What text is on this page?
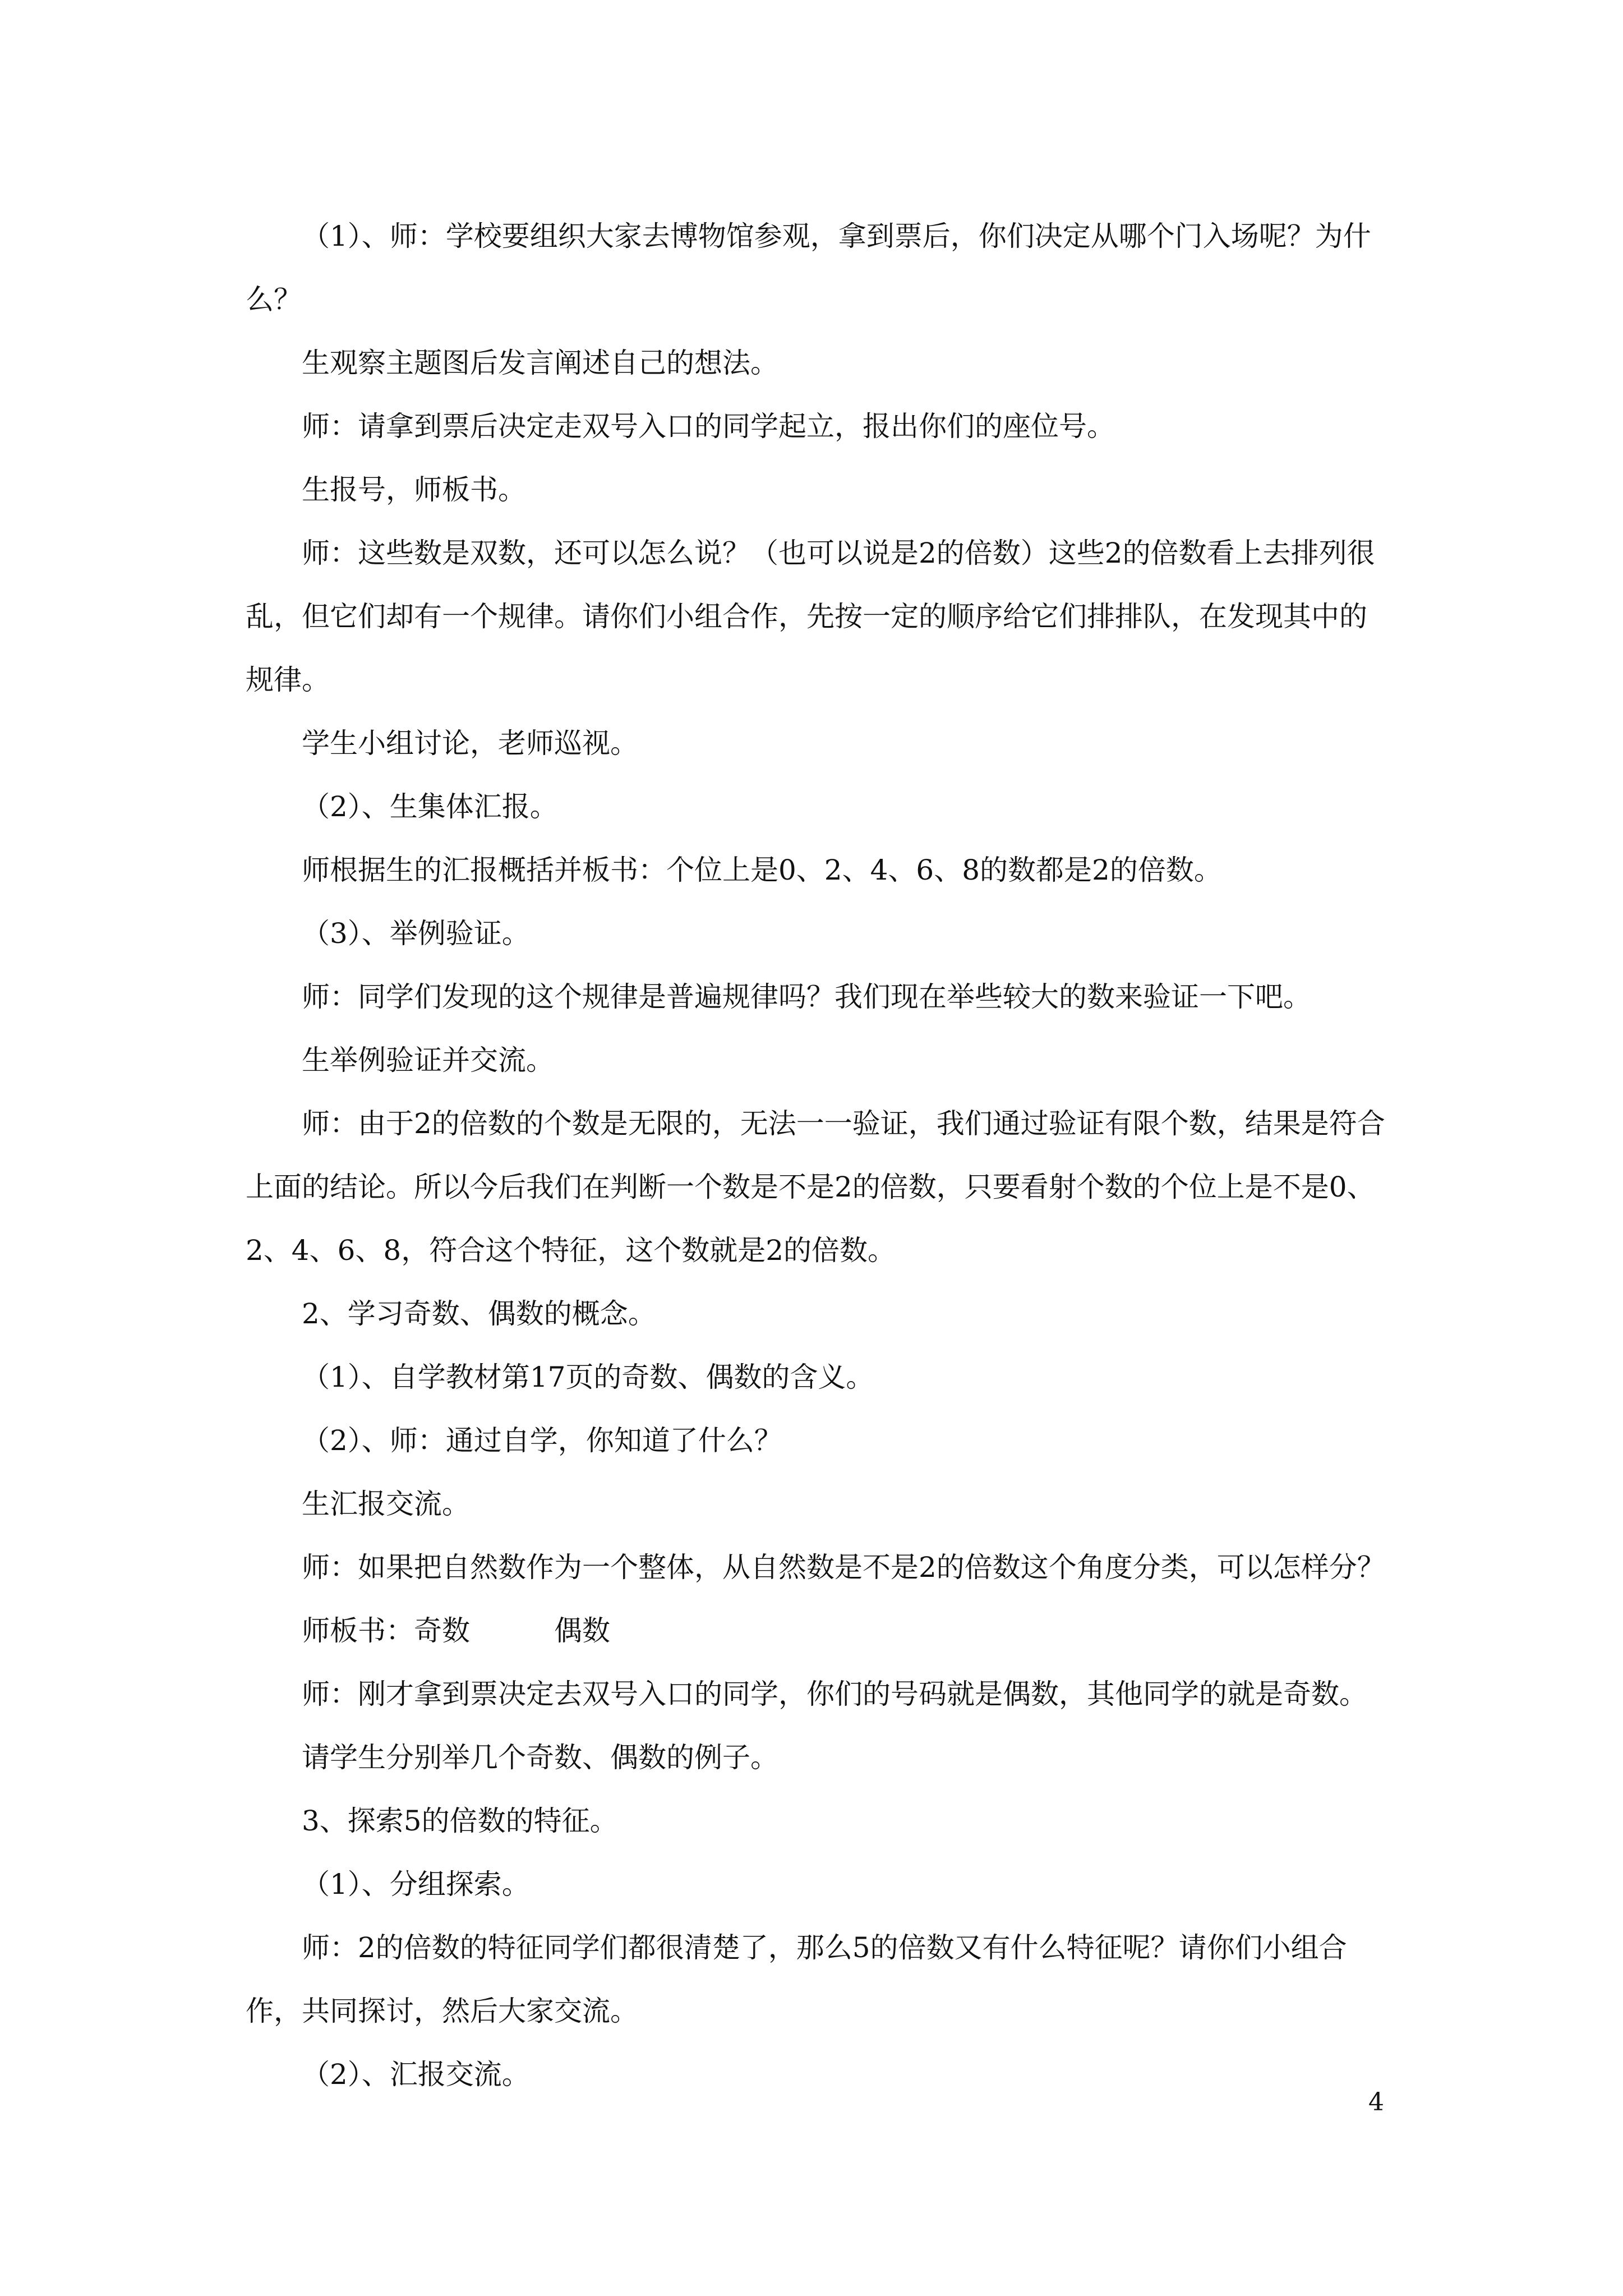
（1）、师：学校要组织大家去博物馆参观，拿到票后，你们决定从哪个门入场呢？为什么？

生观察主题图后发言阐述自己的想法。

师：请拿到票后决定走双号入口的同学起立，报出你们的座位号。

生报号，师板书。

师：这些数是双数，还可以怎么说？（也可以说是2的倍数）这些2的倍数看上去排列很乱，但它们却有一个规律。请你们小组合作，先按一定的顺序给它们排排队，在发现其中的规律。

学生小组讨论，老师巡视。

（2）、生集体汇报。

师根据生的汇报概括并板书：个位上是0、2、4、6、8的数都是2的倍数。

（3）、举例验证。

师：同学们发现的这个规律是普遍规律吗？我们现在举些较大的数来验证一下吧。

生举例验证并交流。

师：由于2的倍数的个数是无限的，无法一一验证，我们通过验证有限个数，结果是符合上面的结论。所以今后我们在判断一个数是不是2的倍数，只要看射个数的个位上是不是0、2、4、6、8，符合这个特征，这个数就是2的倍数。

2、学习奇数、偶数的概念。

（1）、自学教材第17页的奇数、偶数的含义。

（2）、师：通过自学，你知道了什么？

生汇报交流。

师：如果把自然数作为一个整体，从自然数是不是2的倍数这个角度分类，可以怎样分？

师板书：奇数	偶数

师：刚才拿到票决定去双号入口的同学，你们的号码就是偶数，其他同学的就是奇数。

请学生分别举几个奇数、偶数的例子。

3、探索5的倍数的特征。

（1）、分组探索。

师：2的倍数的特征同学们都很清楚了，那么5的倍数又有什么特征呢？请你们小组合作，共同探讨，然后大家交流。

（2）、汇报交流。

4
